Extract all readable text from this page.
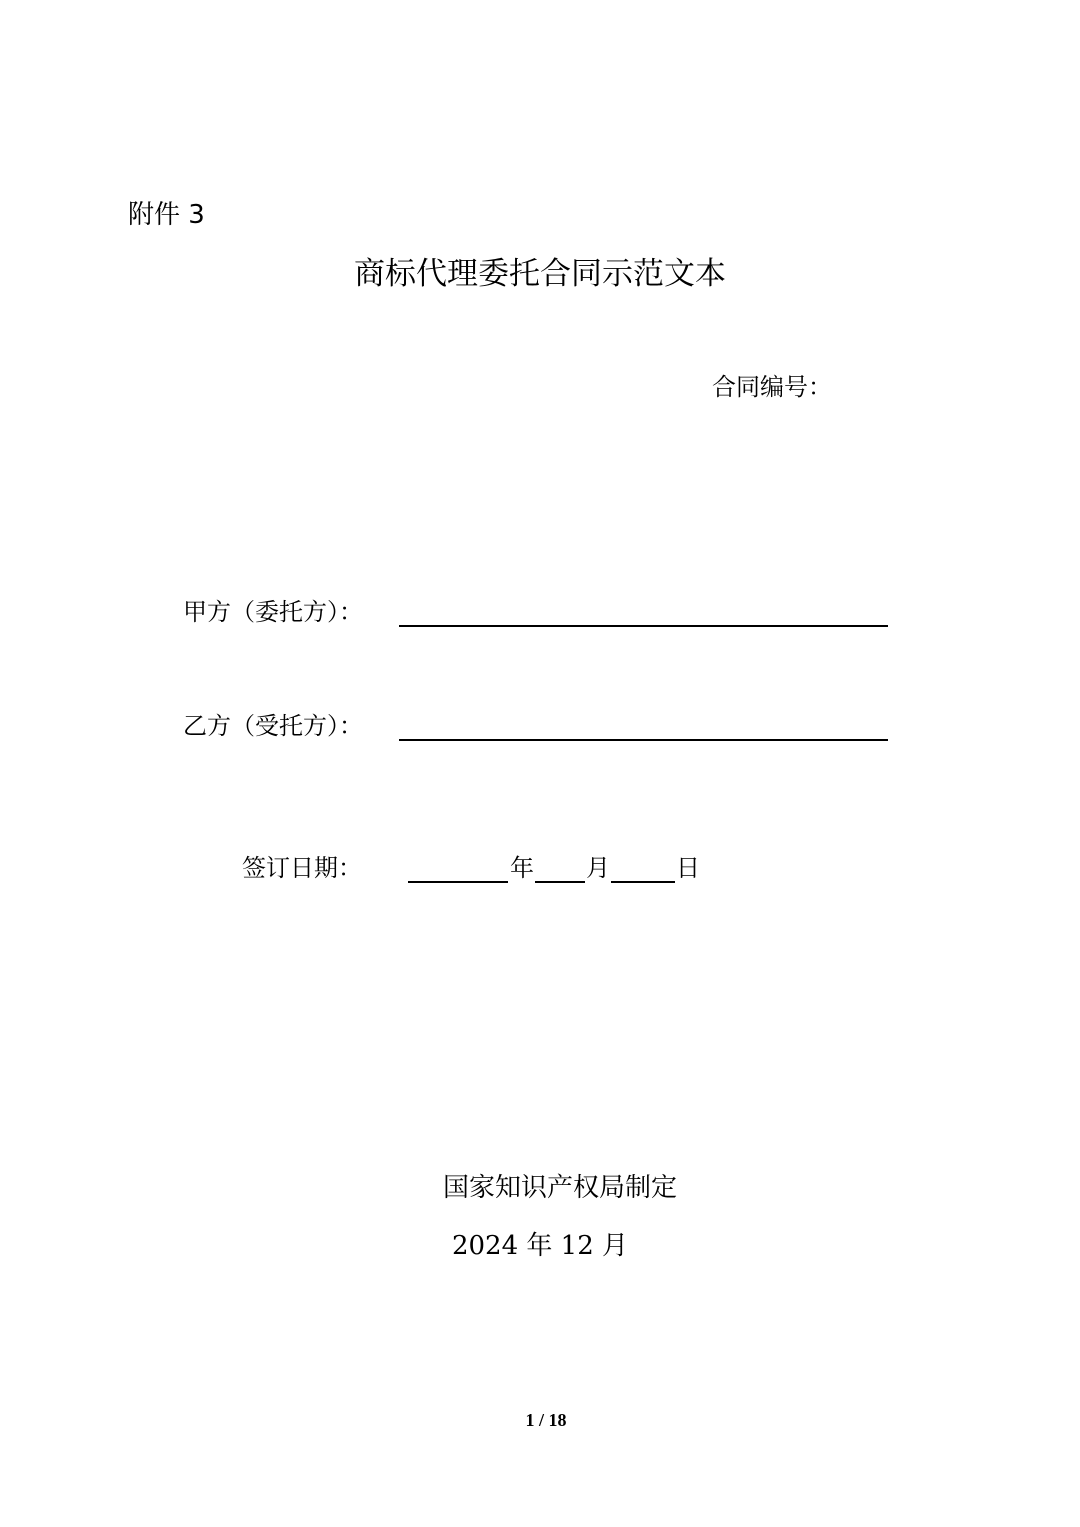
附件 3
商标代理委托合同示范文本
合同编号：
甲方（委托方）：
乙方（受托方）：
签订日期：	年 月	日
国家知识产权局制定
2024 年 12 月
1 / 18
